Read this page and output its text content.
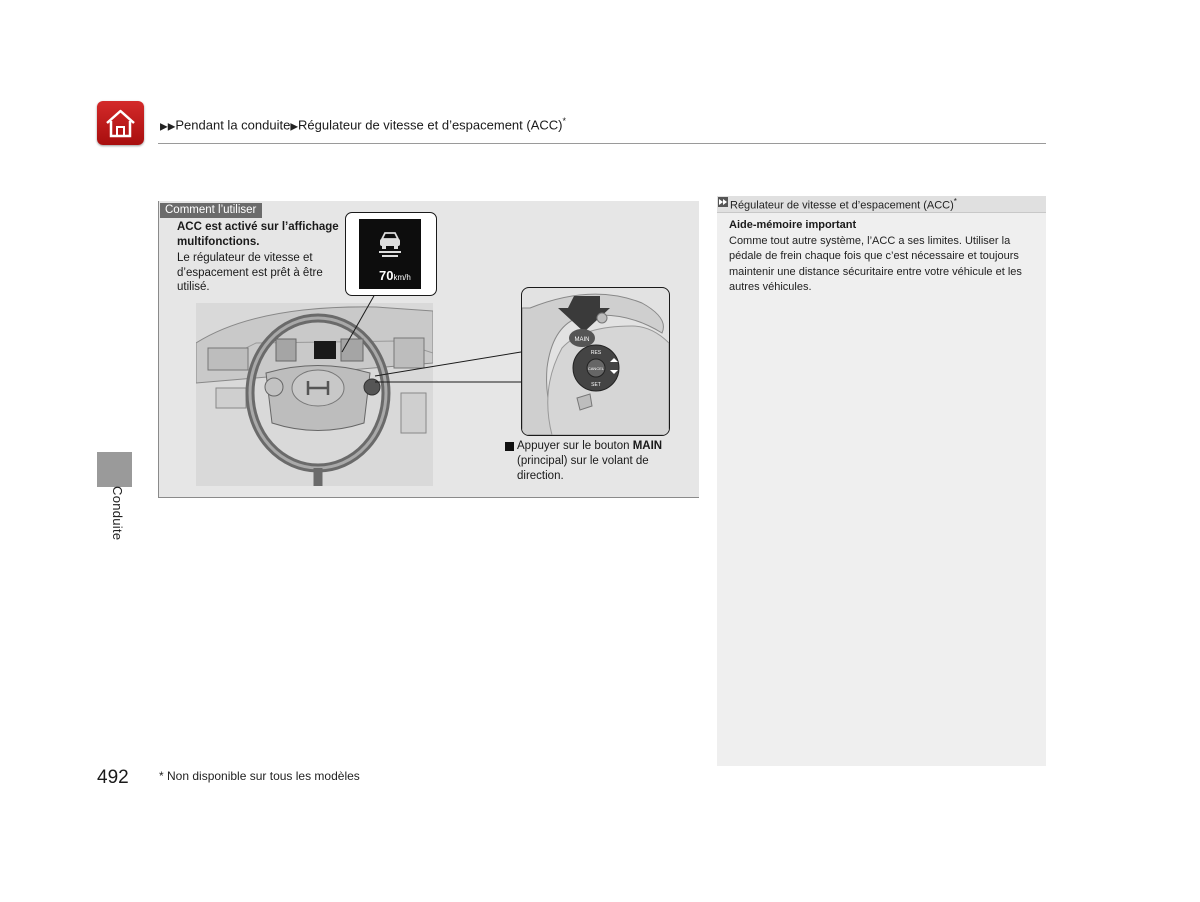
▶▶Pendant la conduite▶Régulateur de vitesse et d’espacement (ACC)*
Conduite
Comment l’utiliser
ACC est activé sur l’affichage multifonctions.
Le régulateur de vitesse et d’espacement est prêt à être utilisé.
70km/h
MAIN
RES
CANCEL
SET
Appuyer sur le bouton MAIN (principal) sur le volant de direction.
Régulateur de vitesse et d’espacement (ACC)*
Aide-mémoire important
Comme tout autre système, l’ACC a ses limites. Utiliser la pédale de frein chaque fois que c’est nécessaire et toujours maintenir une distance sécuritaire entre votre véhicule et les autres véhicules.
492	* Non disponible sur tous les modèles
